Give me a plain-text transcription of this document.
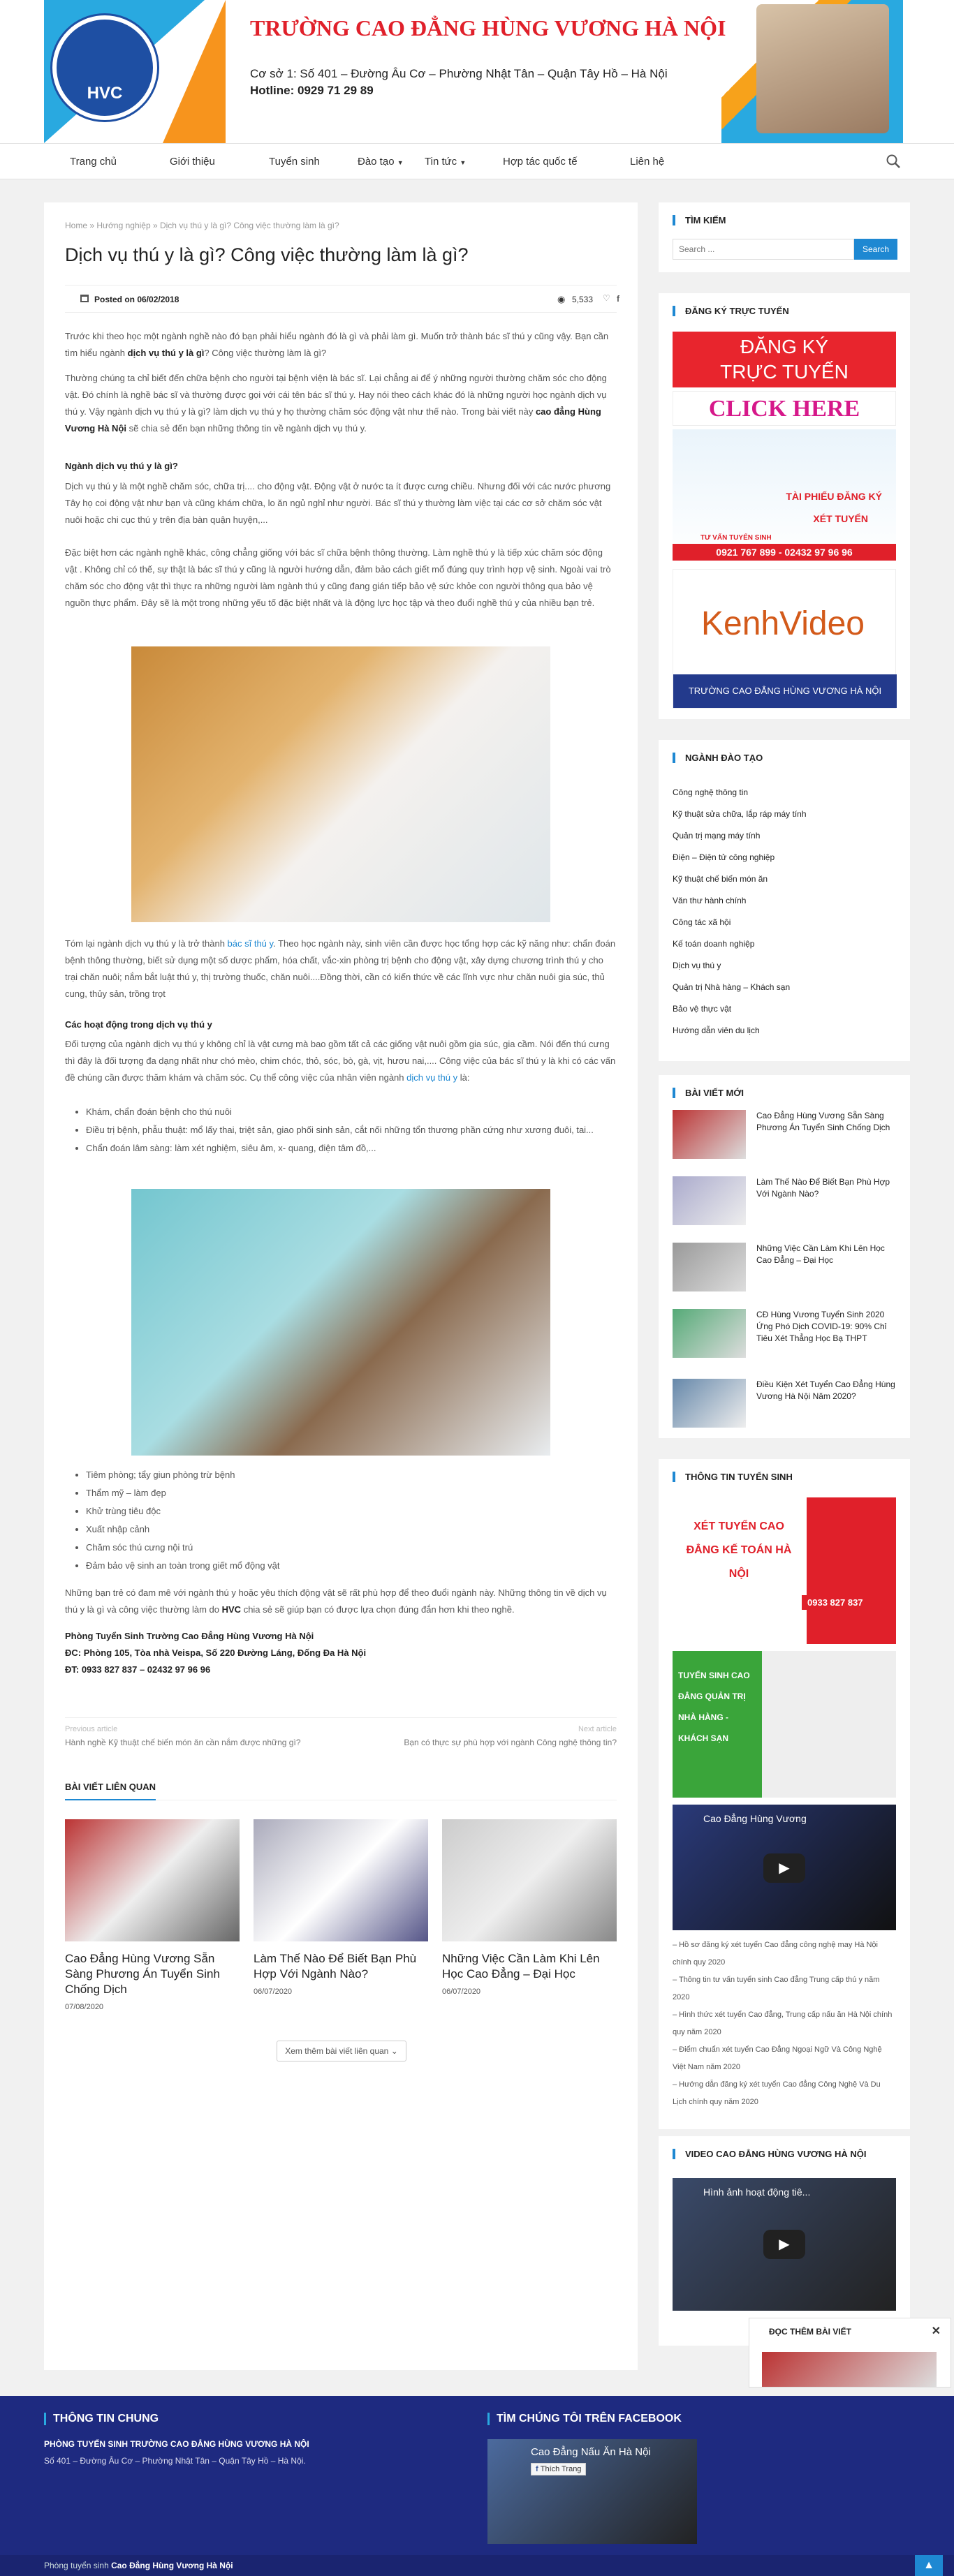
HVC
TRƯỜNG CAO ĐẲNG HÙNG VƯƠNG HÀ NỘI
Cơ sở 1: Số 401 – Đường Âu Cơ – Phường Nhật Tân – Quận Tây Hồ – Hà Nội
Hotline: 0929 71 29 89
Trang chủ	Giới thiệu	Tuyển sinh	Đào tạo ▼ Tin tức ▼	Hợp tác quốc tế	Liên hệ
Home » Hướng nghiệp » Dịch vụ thú y là gì? Công việc thường làm là gì?
Dịch vụ thú y là gì? Công việc thường làm là gì?
Posted on 06/02/2018	◉ 5,533 ♡ f
Trước khi theo học một ngành nghề nào đó bạn phải hiểu ngành đó là gì và phải làm gì. Muốn trở thành bác sĩ thú y cũng vậy. Bạn cần tìm hiểu ngành dịch vụ thú y là gì? Công việc thường làm là gì?
Thường chúng ta chỉ biết đến chữa bệnh cho người tại bệnh viện là bác sĩ. Lại chẳng ai để ý những người thường chăm sóc cho động vật. Đó chính là nghề bác sĩ và thường được gọi với cái tên bác sĩ thú y. Hay nói theo cách khác đó là những người học ngành dịch vụ thú y. Vậy ngành dịch vụ thú y là gì? làm dịch vụ thú y họ thường chăm sóc động vật như thế nào. Trong bài viết này cao đẳng Hùng Vương Hà Nội sẽ chia sẻ đến bạn những thông tin về ngành dịch vụ thú y.
Ngành dịch vụ thú y là gì?
Dịch vụ thú y là một nghề chăm sóc, chữa trị.... cho động vật. Động vật ở nước ta ít được cưng chiều. Nhưng đối với các nước phương Tây họ coi động vật như bạn và cũng khám chữa, lo ăn ngủ nghỉ như người. Bác sĩ thú y thường làm việc tại các cơ sở chăm sóc vật nuôi hoặc chi cục thú y trên địa bàn quận huyện,...
Đặc biệt hơn các ngành nghề khác, công chẳng giống với bác sĩ chữa bệnh thông thường. Làm nghề thú y là tiếp xúc chăm sóc động vật . Không chỉ có thế, sự thật là bác sĩ thú y cũng là người hướng dẫn, đảm bảo cách giết mổ đúng quy trình hợp vệ sinh. Ngoài vai trò chăm sóc cho động vật thì thực ra những người làm ngành thú y cũng đang gián tiếp bảo vệ sức khỏe con người thông qua bảo vệ nguồn thực phẩm. Đây sẽ là một trong những yếu tố đặc biệt nhất và là động lực học tập và theo đuổi nghề thú y của nhiều bạn trẻ.
Tóm lại ngành dịch vụ thú y là trở thành bác sĩ thú y. Theo học ngành này, sinh viên cần được học tổng hợp các kỹ năng như: chẩn đoán bệnh thông thường, biết sử dụng một số dược phẩm, hóa chất, vắc-xin phòng trị bệnh cho động vật, xây dựng chương trình thú y cho trại chăn nuôi; nắm bắt luật thú y, thị trường thuốc, chăn nuôi....Đồng thời, cần có kiến thức về các lĩnh vực như chăn nuôi gia súc, thủ cung, thủy sản, trồng trọt
Các hoạt động trong dịch vụ thú y
Đối tượng của ngành dịch vụ thú y không chỉ là vật cưng mà bao gồm tất cả các giống vật nuôi gồm gia súc, gia cầm. Nói đến thú cưng thì đây là đối tượng đa dạng nhất như chó mèo, chim chóc, thỏ, sóc, bò, gà, vịt, hươu nai,.... Công việc của bác sĩ thú y là khi có các vấn đề chúng cần được thăm khám và chăm sóc. Cụ thể công việc của nhân viên ngành dịch vụ thú y là:
• Khám, chẩn đoán bệnh cho thú nuôi
• Điều trị bệnh, phẫu thuật: mổ lấy thai, triệt sản, giao phối sinh sản, cắt nối những tổn thương phần cứng như xương đuôi, tai...
• Chẩn đoán lâm sàng: làm xét nghiệm, siêu âm, x- quang, điện tâm đồ,...
• Tiêm phòng; tẩy giun phòng trừ bệnh
• Thẩm mỹ – làm đẹp
• Khử trùng tiêu độc
• Xuất nhập cảnh
• Chăm sóc thú cưng nội trú
• Đảm bảo vệ sinh an toàn trong giết mổ động vật
Những bạn trẻ có đam mê với ngành thú y hoặc yêu thích động vật sẽ rất phù hợp để theo đuổi ngành này. Những thông tin về dịch vụ thú y là gì và công việc thường làm do HVC chia sẻ sẽ giúp bạn có được lựa chọn đúng đắn hơn khi theo nghề.
Phòng Tuyển Sinh Trường Cao Đẳng Hùng Vương Hà Nội
ĐC: Phòng 105, Tòa nhà Veispa, Số 220 Đường Láng, Đống Đa Hà Nội
ĐT: 0933 827 837 – 02432 97 96 96
Previous article
Hành nghề Kỹ thuật chế biến món ăn cần nắm được những gì?
Next article
Bạn có thực sự phù hợp với ngành Công nghệ thông tin?
BÀI VIẾT LIÊN QUAN
Cao Đẳng Hùng Vương Sẵn Sàng Phương Án Tuyển Sinh Chống Dịch
07/08/2020
Làm Thế Nào Để Biết Bạn Phù Hợp Với Ngành Nào?
06/07/2020
Những Việc Cần Làm Khi Lên Học Cao Đẳng – Đại Học
06/07/2020
Xem thêm bài viết liên quan ⌄
TÌM KIẾM
Search ...
Search
ĐĂNG KÝ TRỰC TUYẾN
ĐĂNG KÝ
TRỰC TUYẾN
CLICK HERE
TÀI PHIẾU ĐĂNG KÝ
XÉT TUYỂN
TƯ VẤN TUYỂN SINH
0921 767 899 - 02432 97 96 96
KenhVideo
TRƯỜNG CAO ĐẲNG HÙNG VƯƠNG HÀ NỘI
NGÀNH ĐÀO TẠO
Công nghệ thông tin
Kỹ thuật sửa chữa, lắp ráp máy tính
Quản trị mạng máy tính
Điện – Điện tử công nghiệp
Kỹ thuật chế biến món ăn
Văn thư hành chính
Công tác xã hội
Kế toán doanh nghiệp
Dịch vụ thú y
Quản trị Nhà hàng – Khách sạn
Bảo vệ thực vật
Hướng dẫn viên du lịch
BÀI VIẾT MỚI
Cao Đẳng Hùng Vương Sẵn Sàng Phương Án Tuyển Sinh Chống Dịch
Làm Thế Nào Để Biết Bạn Phù Hợp Với Ngành Nào?
Những Việc Cần Làm Khi Lên Học Cao Đẳng – Đại Học
CĐ Hùng Vương Tuyển Sinh 2020 Ứng Phó Dịch COVID-19: 90% Chỉ Tiêu Xét Thẳng Học Bạ THPT
Điều Kiện Xét Tuyển Cao Đẳng Hùng Vương Hà Nội Năm 2020?
THÔNG TIN TUYỂN SINH
XÉT TUYỂN CAO ĐẲNG KẾ TOÁN HÀ NỘI
0933 827 837
TUYỂN SINH CAO ĐẲNG QUẢN TRỊ NHÀ HÀNG - KHÁCH SẠN
Cao Đẳng Hùng Vương
▶
– Hồ sơ đăng ký xét tuyển Cao đẳng công nghệ may Hà Nội chính quy 2020
– Thông tin tư vấn tuyển sinh Cao đẳng Trung cấp thú y năm 2020
– Hình thức xét tuyển Cao đẳng, Trung cấp nấu ăn Hà Nội chính quy năm 2020
– Điểm chuẩn xét tuyển Cao Đẳng Ngoại Ngữ Và Công Nghệ Việt Nam năm 2020
– Hướng dẫn đăng ký xét tuyển Cao đẳng Công Nghệ Và Du Lịch chính quy năm 2020
VIDEO CAO ĐẲNG HÙNG VƯƠNG HÀ NỘI
Hình ảnh hoạt động tiê...
▶
ĐỌC THÊM BÀI VIẾT	✕
THÔNG TIN CHUNG
PHÒNG TUYỂN SINH TRƯỜNG CAO ĐẲNG HÙNG VƯƠNG HÀ NỘI
Số 401 – Đường Âu Cơ – Phường Nhật Tân – Quận Tây Hồ – Hà Nội.
TÌM CHÚNG TÔI TRÊN FACEBOOK
Cao Đẳng Nấu Ăn Hà Nội
f Thích Trang
Phòng tuyển sinh Cao Đẳng Hùng Vương Hà Nội	▲
